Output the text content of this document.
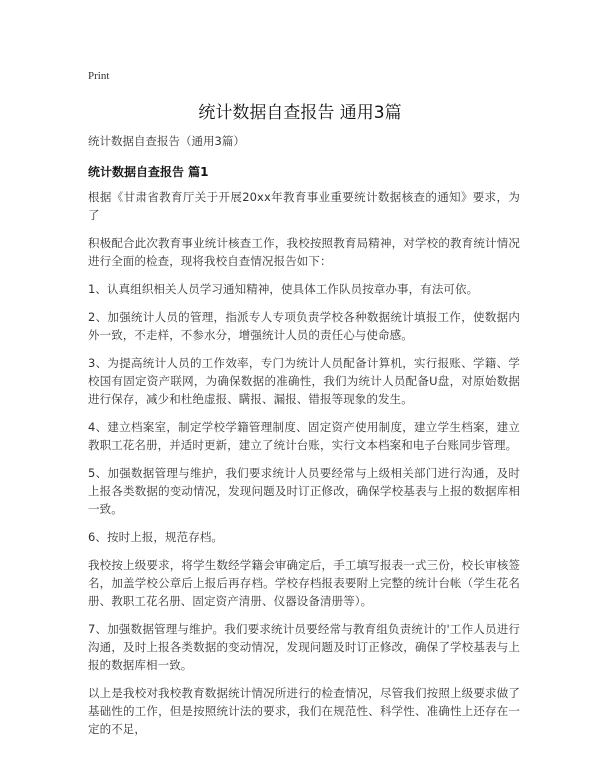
Print
统计数据自查报告 通用3篇
统计数据自查报告（通用3篇）
统计数据自查报告 篇1

根据《甘肃省教育厅关于开展20xx年教育事业重要统计数据核查的通知》要求，为了

积极配合此次教育事业统计核查工作，我校按照教育局精神，对学校的教育统计情况进行全面的检查，现将我校自查情况报告如下：

1、认真组织相关人员学习通知精神，使具体工作队员按章办事，有法可依。

2、加强统计人员的管理，指派专人专项负责学校各种数据统计填报工作，使数据内外一致，不走样，不参水分，增强统计人员的责任心与使命感。

3、为提高统计人员的工作效率，专门为统计人员配备计算机，实行报账、学籍、学校国有固定资产联网，为确保数据的准确性，我们为统计人员配备U盘，对原始数据进行保存，减少和杜绝虚报、瞒报、漏报、错报等现象的发生。

4、建立档案室，制定学校学籍管理制度、固定资产使用制度，建立学生档案，建立教职工花名册，并适时更新，建立了统计台账，实行文本档案和电子台账同步管理。

5、加强数据管理与维护，我们要求统计人员要经常与上级相关部门进行沟通，及时上报各类数据的变动情况，发现问题及时订正修改，确保学校基表与上报的数据库相一致。

6、按时上报，规范存档。

我校按上级要求，将学生数经学籍会审确定后，手工填写报表一式三份，校长审核签名，加盖学校公章后上报后再存档。学校存档报表要附上完整的统计台帐（学生花名册、教职工花名册、固定资产清册、仪器设备清册等）。

7、加强数据管理与维护。我们要求统计员要经常与教育组负责统计的'工作人员进行沟通，及时上报各类数据的变动情况，发现问题及时订正修改，确保了学校基表与上报的数据库相一致。

以上是我校对我校教育数据统计情况所进行的检查情况，尽管我们按照上级要求做了基础性的工作，但是按照统计法的要求，我们在规范性、科学性、准确性上还存在一定的不足，
